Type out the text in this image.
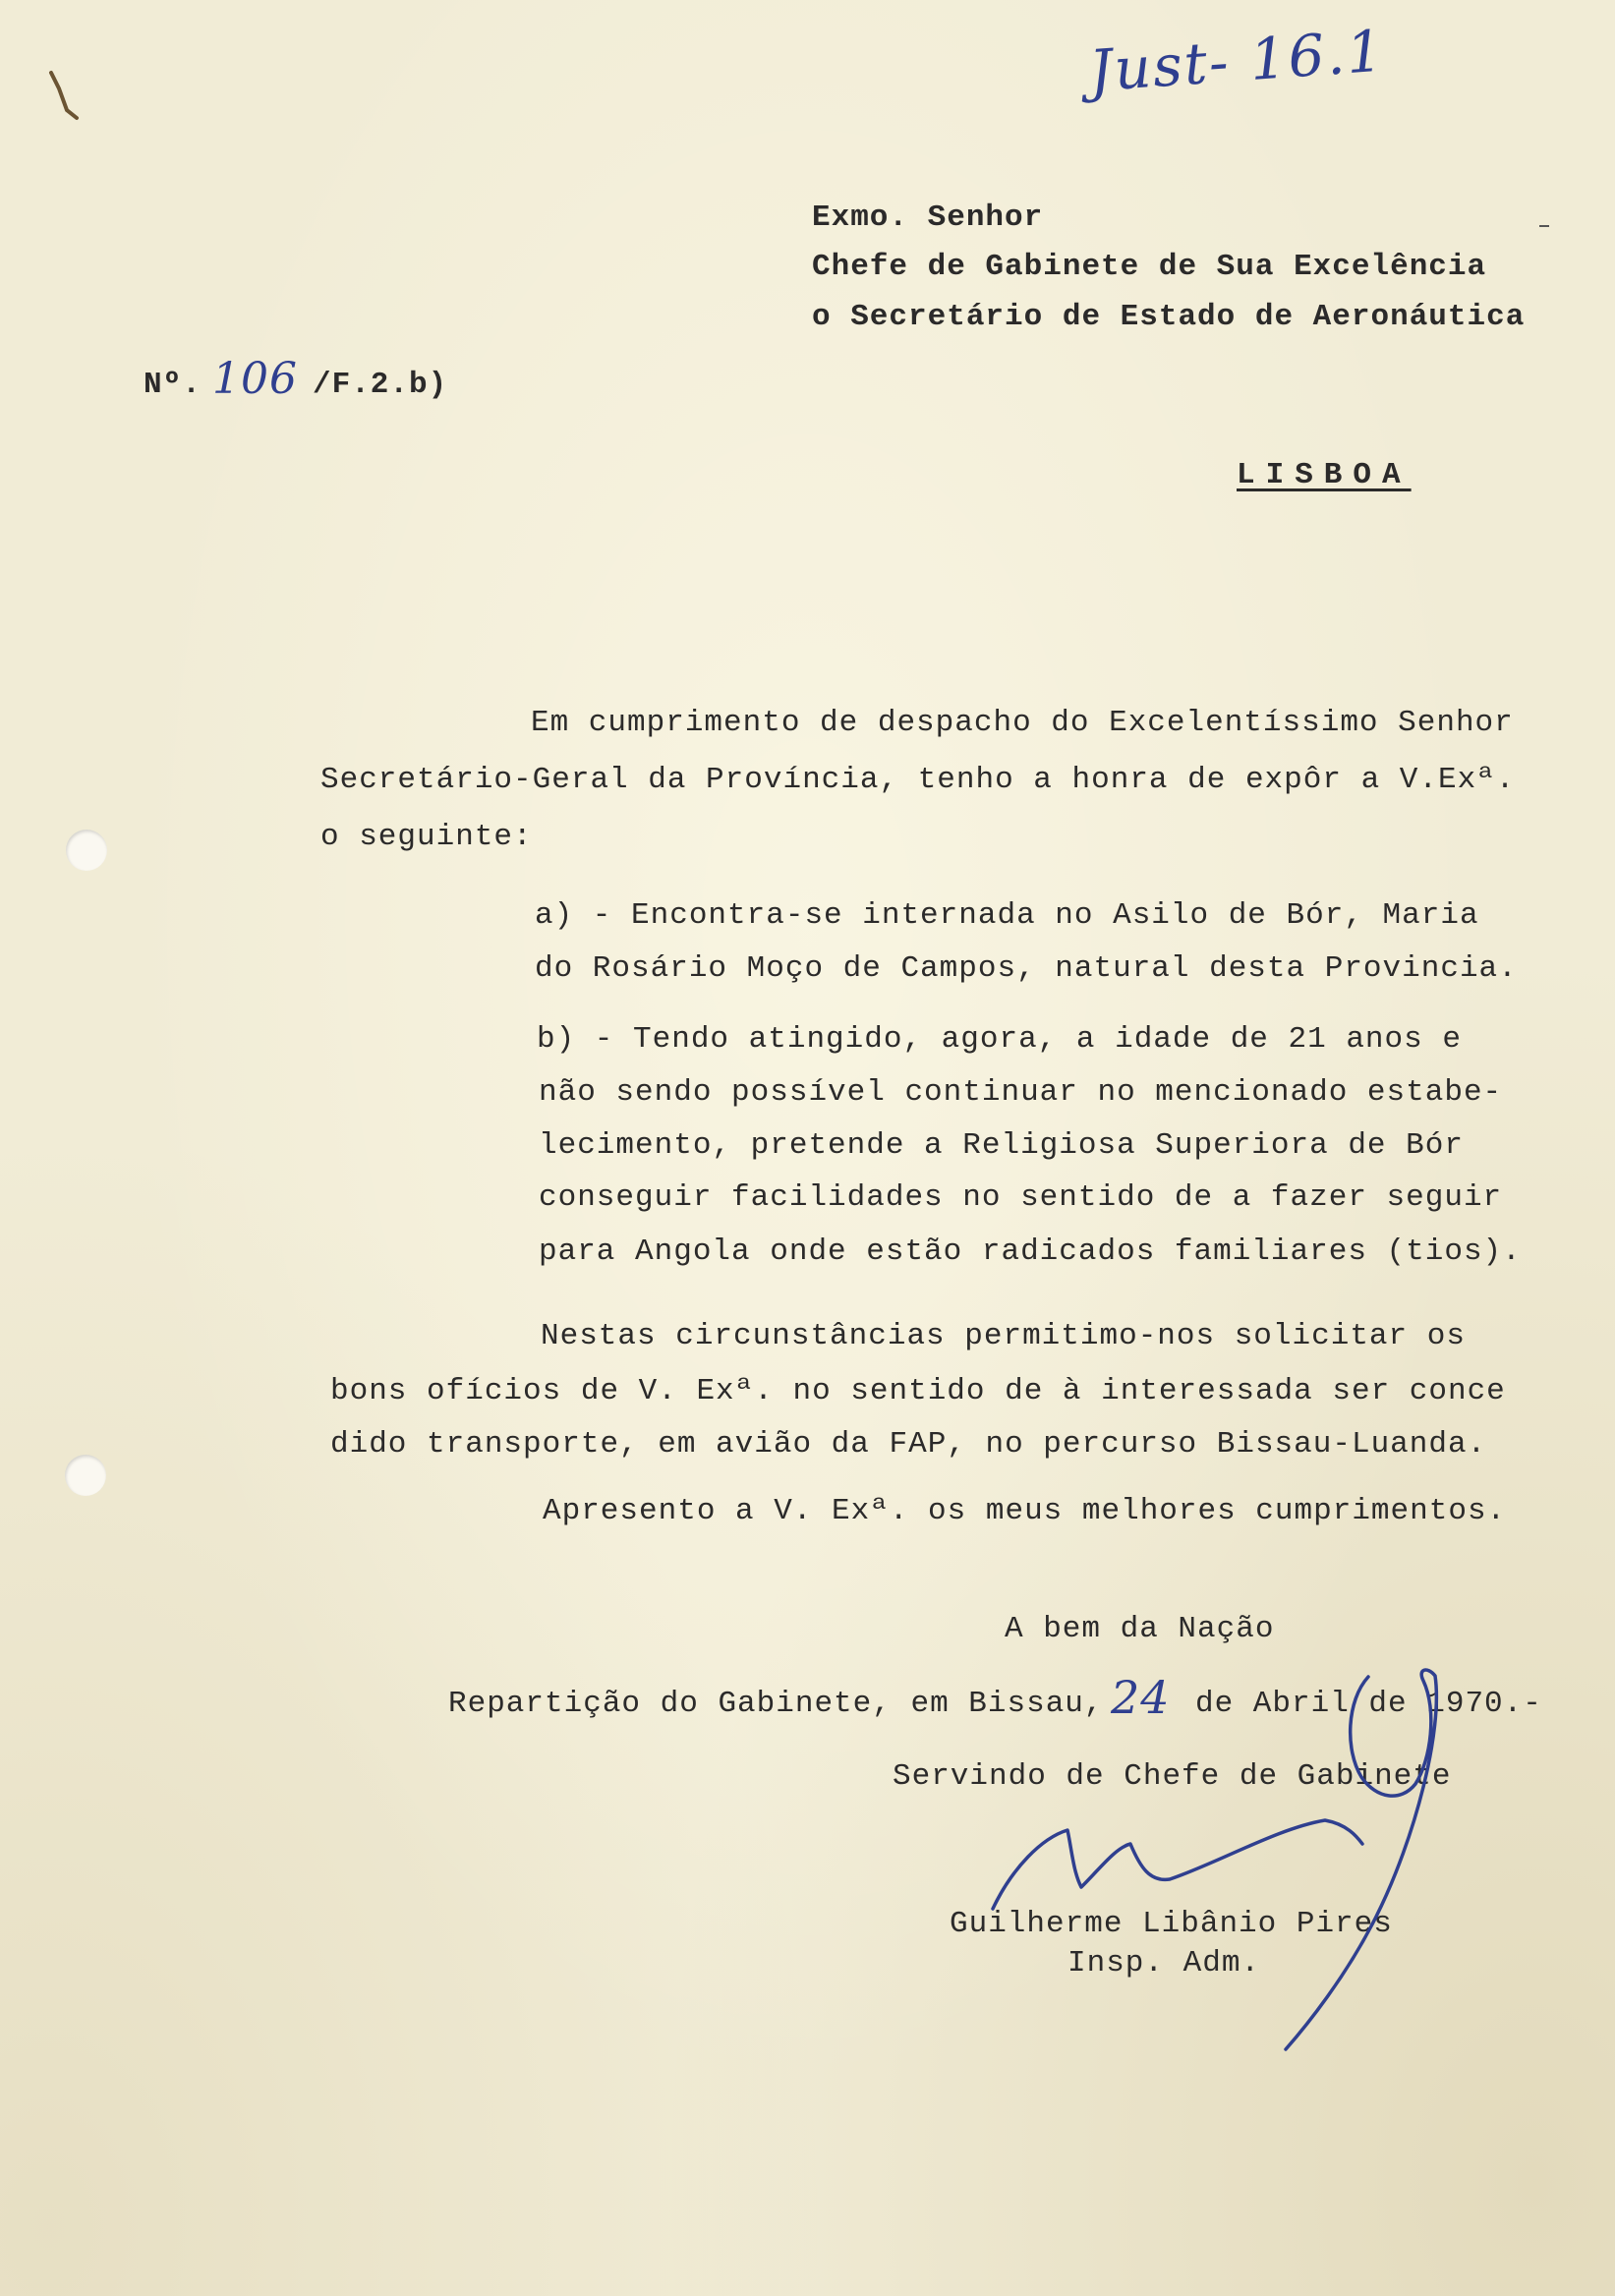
Just- 16.1

Exmo. Senhor

Chefe de Gabinete de Sua Excelência

o Secretário de Estado de Aeronáutica

Nº. 106 /F.2.b)

LISBOA

Em cumprimento de despacho do Excelentíssimo Senhor

Secretário-Geral da Província, tenho a honra de expôr a V.Exª.

o seguinte:

a) - Encontra-se internada no Asilo de Bór, Maria

do Rosário Moço de Campos, natural desta Provincia.

b) - Tendo atingido, agora, a idade de 21 anos e

não sendo possível continuar no mencionado estabe-

lecimento, pretende a Religiosa Superiora de Bór

conseguir facilidades no sentido de a fazer seguir

para Angola onde estão radicados familiares (tios).

Nestas circunstâncias permitimo-nos solicitar os

bons ofícios de V. Exª. no sentido de à interessada ser conce

dido transporte, em avião da FAP, no percurso Bissau-Luanda.

Apresento a V. Exª. os meus melhores cumprimentos.

A bem da Nação

Repartição do Gabinete, em Bissau, 24 de Abril de 1970.-

Servindo de Chefe de Gabinete

Guilherme Libânio Pires

Insp. Adm.
